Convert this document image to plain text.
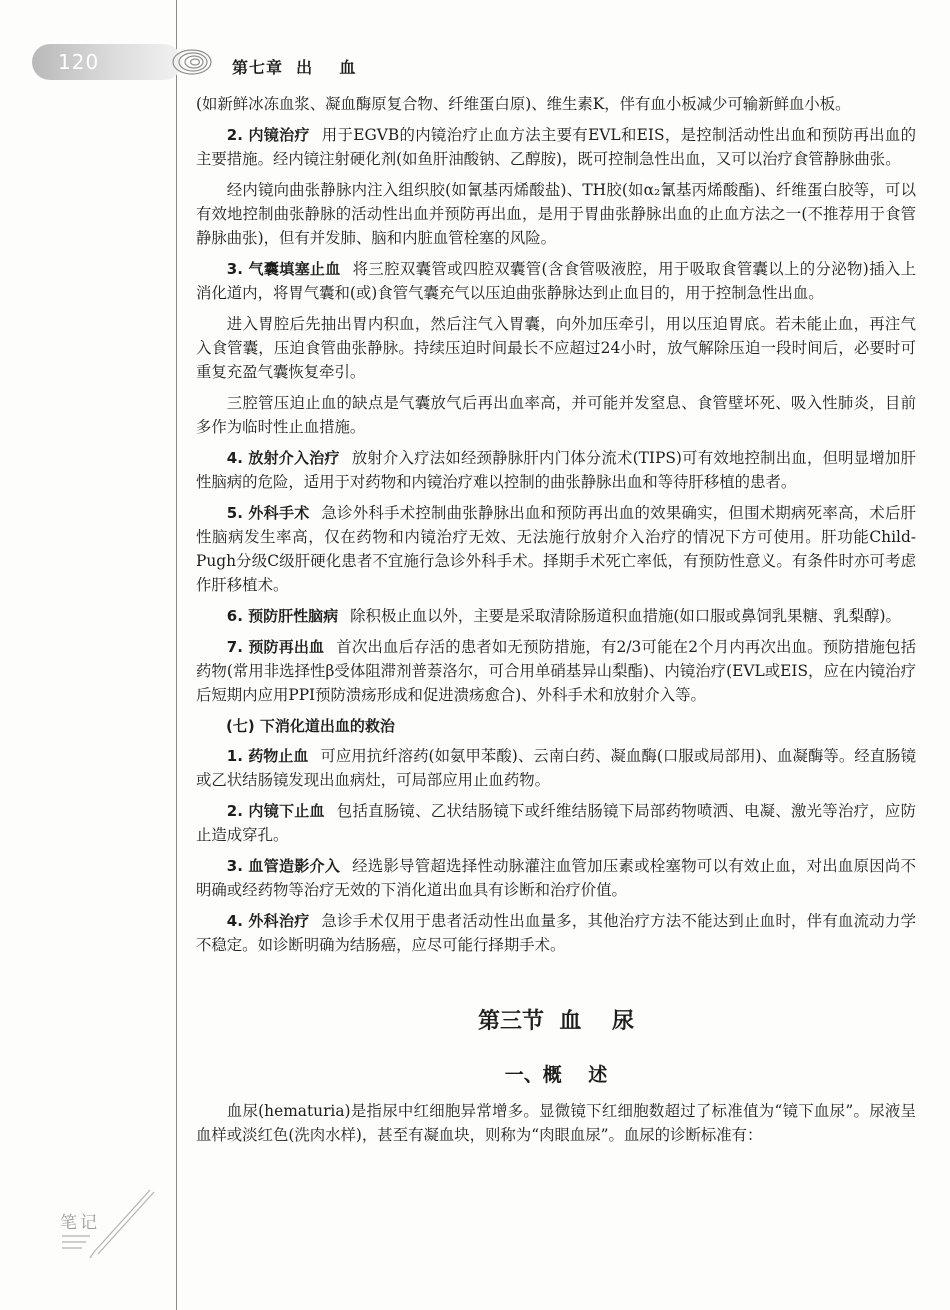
120	第七章  出    血

(如新鲜冰冻血浆、凝血酶原复合物、纤维蛋白原)、维生素K，伴有血小板减少可输新鲜血小板。

2. 内镜治疗 用于EGVB的内镜治疗止血方法主要有EVL和EIS，是控制活动性出血和预防再出血的主要措施。经内镜注射硬化剂(如鱼肝油酸钠、乙醇胺)，既可控制急性出血，又可以治疗食管静脉曲张。

经内镜向曲张静脉内注入组织胶(如氰基丙烯酸盐)、TH胶(如α₂氰基丙烯酸酯)、纤维蛋白胶等，可以有效地控制曲张静脉的活动性出血并预防再出血，是用于胃曲张静脉出血的止血方法之一(不推荐用于食管静脉曲张)，但有并发肺、脑和内脏血管栓塞的风险。

3. 气囊填塞止血 将三腔双囊管或四腔双囊管(含食管吸液腔，用于吸取食管囊以上的分泌物)插入上消化道内，将胃气囊和(或)食管气囊充气以压迫曲张静脉达到止血目的，用于控制急性出血。

进入胃腔后先抽出胃内积血，然后注气入胃囊，向外加压牵引，用以压迫胃底。若未能止血，再注气入食管囊，压迫食管曲张静脉。持续压迫时间最长不应超过24小时，放气解除压迫一段时间后，必要时可重复充盈气囊恢复牵引。

三腔管压迫止血的缺点是气囊放气后再出血率高，并可能并发窒息、食管壁坏死、吸入性肺炎，目前多作为临时性止血措施。

4. 放射介入治疗 放射介入疗法如经颈静脉肝内门体分流术(TIPS)可有效地控制出血，但明显增加肝性脑病的危险，适用于对药物和内镜治疗难以控制的曲张静脉出血和等待肝移植的患者。

5. 外科手术 急诊外科手术控制曲张静脉出血和预防再出血的效果确实，但围术期病死率高，术后肝性脑病发生率高，仅在药物和内镜治疗无效、无法施行放射介入治疗的情况下方可使用。肝功能Child-Pugh分级C级肝硬化患者不宜施行急诊外科手术。择期手术死亡率低，有预防性意义。有条件时亦可考虑作肝移植术。

6. 预防肝性脑病 除积极止血以外，主要是采取清除肠道积血措施(如口服或鼻饲乳果糖、乳梨醇)。

7. 预防再出血 首次出血后存活的患者如无预防措施，有2/3可能在2个月内再次出血。预防措施包括药物(常用非选择性β受体阻滞剂普萘洛尔，可合用单硝基异山梨酯)、内镜治疗(EVL或EIS，应在内镜治疗后短期内应用PPI预防溃疡形成和促进溃疡愈合)、外科手术和放射介入等。

(七) 下消化道出血的救治

1. 药物止血 可应用抗纤溶药(如氨甲苯酸)、云南白药、凝血酶(口服或局部用)、血凝酶等。经直肠镜或乙状结肠镜发现出血病灶，可局部应用止血药物。

2. 内镜下止血 包括直肠镜、乙状结肠镜下或纤维结肠镜下局部药物喷洒、电凝、激光等治疗，应防止造成穿孔。

3. 血管造影介入 经选影导管超选择性动脉灌注血管加压素或栓塞物可以有效止血，对出血原因尚不明确或经药物等治疗无效的下消化道出血具有诊断和治疗价值。

4. 外科治疗 急诊手术仅用于患者活动性出血量多，其他治疗方法不能达到止血时，伴有血流动力学不稳定。如诊断明确为结肠癌，应尽可能行择期手术。

第三节  血    尿
一、概    述

血尿(hematuria)是指尿中红细胞异常增多。显微镜下红细胞数超过了标准值为“镜下血尿”。尿液呈血样或淡红色(洗肉水样)，甚至有凝血块，则称为“肉眼血尿”。血尿的诊断标准有：

笔记
